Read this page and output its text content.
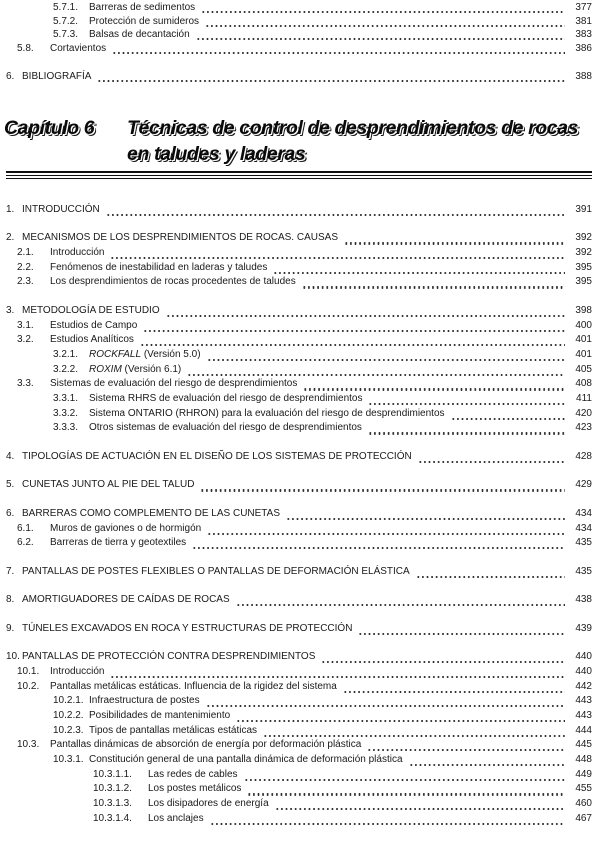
5.7.1.	Barreras de sedimentos	377
5.7.2.	Protección de sumideros	381
5.7.3.	Balsas de decantación	383
5.8.	Cortavientos	386
6. BIBLIOGRAFÍA	388
Capítulo 6	Técnicas de control de desprendimientos de rocas
en taludes y laderas
1. INTRODUCCIÓN	391
2. MECANISMOS DE LOS DESPRENDIMIENTOS DE ROCAS. CAUSAS	392
2.1.	Introducción	392
2.2.	Fenómenos de inestabilidad en laderas y taludes	395
2.3.	Los desprendimientos de rocas procedentes de taludes	395
3. METODOLOGÍA DE ESTUDIO	398
3.1.	Estudios de Campo	400
3.2.	Estudios Analíticos	401
3.2.1.	ROCKFALL (Versión 5.0)	401
3.2.2.	ROXIM (Versión 6.1)	405
3.3.	Sistemas de evaluación del riesgo de desprendimientos	408
3.3.1.	Sistema RHRS de evaluación del riesgo de desprendimientos	411
3.3.2.	Sistema ONTARIO (RHRON) para la evaluación del riesgo de desprendimientos	420
3.3.3.	Otros sistemas de evaluación del riesgo de desprendimientos	423
4. TIPOLOGÍAS DE ACTUACIÓN EN EL DISEÑO DE LOS SISTEMAS DE PROTECCIÓN	428
5. CUNETAS JUNTO AL PIE DEL TALUD	429
6. BARRERAS COMO COMPLEMENTO DE LAS CUNETAS	434
6.1.	Muros de gaviones o de hormigón	434
6.2.	Barreras de tierra y geotextiles	435
7. PANTALLAS DE POSTES FLEXIBLES O PANTALLAS DE DEFORMACIÓN ELÁSTICA	435
8. AMORTIGUADORES DE CAÍDAS DE ROCAS	438
9. TÚNELES EXCAVADOS EN ROCA Y ESTRUCTURAS DE PROTECCIÓN	439
10. PANTALLAS DE PROTECCIÓN CONTRA DESPRENDIMIENTOS	440
10.1.	Introducción	440
10.2.	Pantallas metálicas estáticas. Influencia de la rigidez del sistema	442
10.2.1. Infraestructura de postes	443
10.2.2. Posibilidades de mantenimiento	443
10.2.3. Tipos de pantallas metálicas estáticas	444
10.3.	Pantallas dinámicas de absorción de energía por deformación plástica	445
10.3.1. Constitución general de una pantalla dinámica de deformación plástica	448
10.3.1.1.	Las redes de cables	449
10.3.1.2.	Los postes metálicos	455
10.3.1.3.	Los disipadores de energía	460
10.3.1.4.	Los anclajes	467
